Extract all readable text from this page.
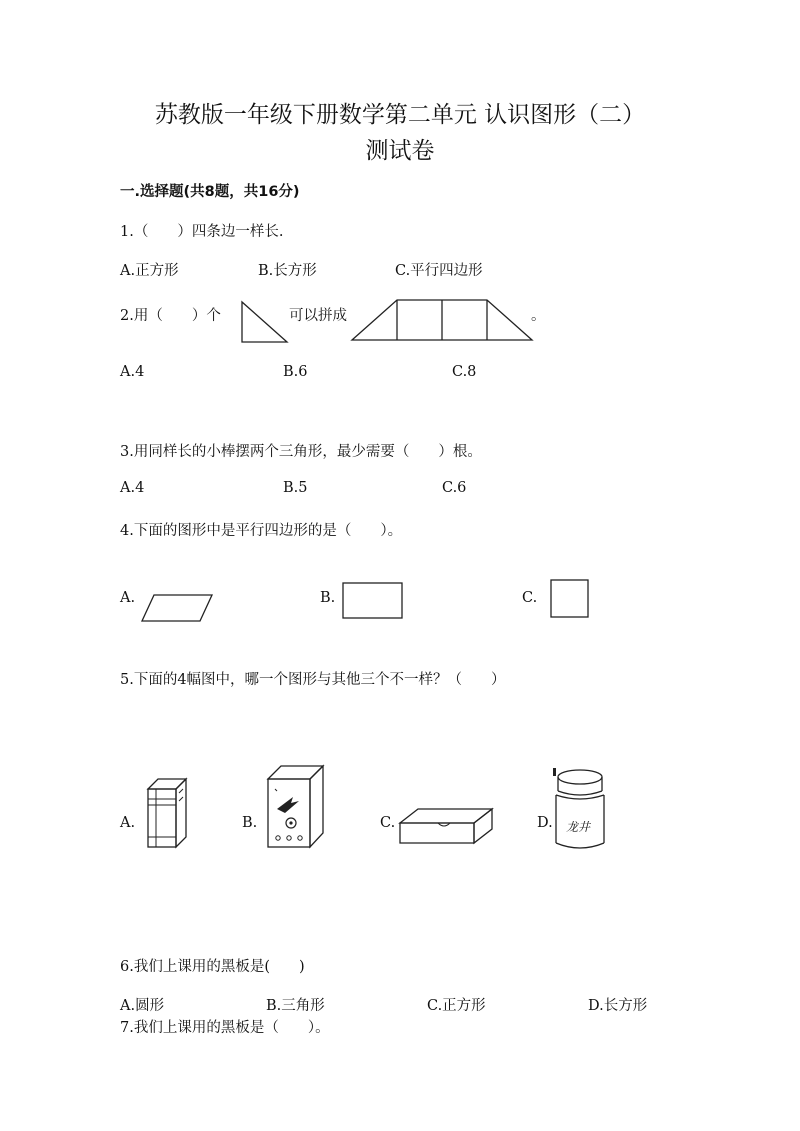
苏教版一年级下册数学第二单元 认识图形（二）
测试卷
一.选择题(共8题，共16分)
1.（　　）四条边一样长.
A.正方形	B.长方形	C.平行四边形
2.用（　　）个	可以拼成	。
A.4	B.6	C.8
3.用同样长的小棒摆两个三角形，最少需要（　　）根。
A.4	B.5	C.6
4.下面的图形中是平行四边形的是（　　）。
A.	B.	C.
5.下面的4幅图中，哪一个图形与其他三个不一样？（　　）
A.	B.	C.	D. 龙井
6.我们上课用的黑板是(　　)
A.圆形	B.三角形	C.正方形	D.长方形
7.我们上课用的黑板是（　　）。
